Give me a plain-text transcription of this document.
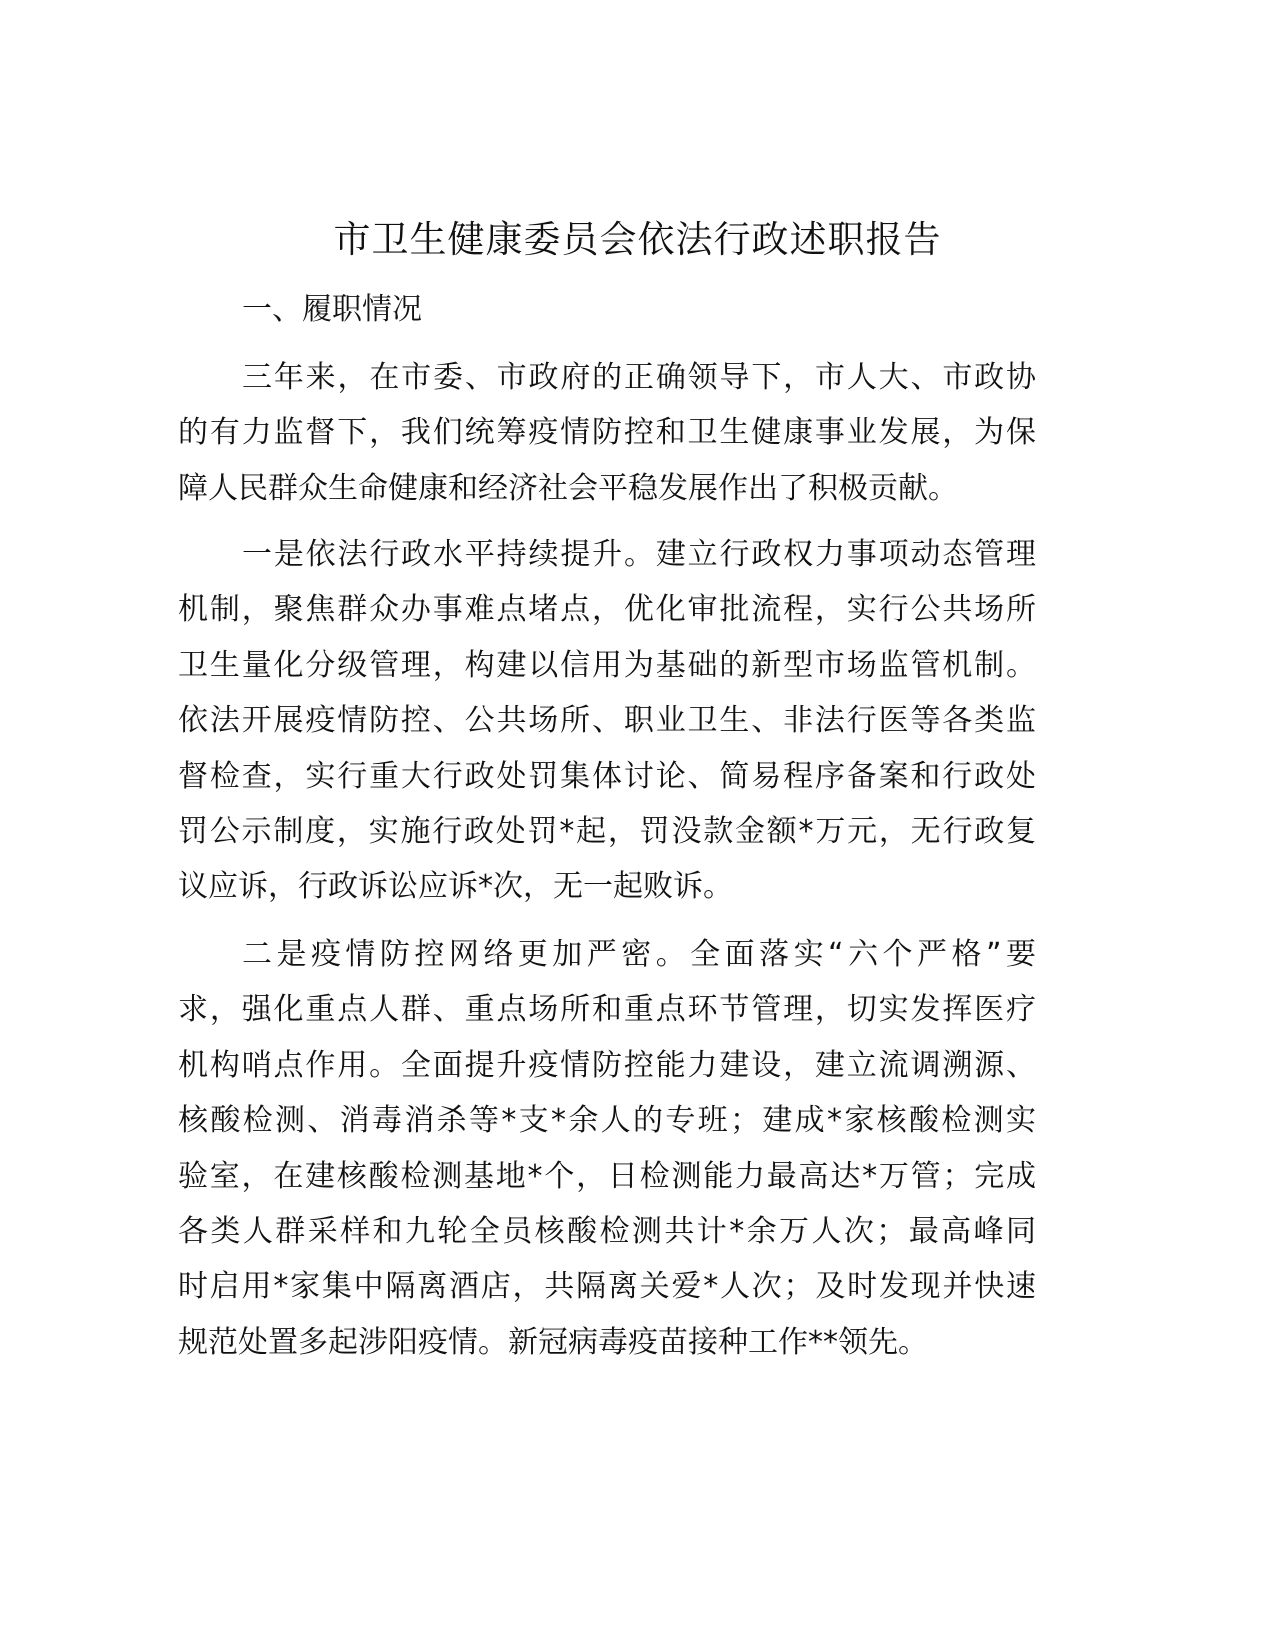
市卫生健康委员会依法行政述职报告
一、履职情况
三年来，在市委、市政府的正确领导下，市人大、市政协
的有力监督下，我们统筹疫情防控和卫生健康事业发展，为保
障人民群众生命健康和经济社会平稳发展作出了积极贡献。
一是依法行政水平持续提升。建立行政权力事项动态管理
机制，聚焦群众办事难点堵点，优化审批流程，实行公共场所
卫生量化分级管理，构建以信用为基础的新型市场监管机制。
依法开展疫情防控、公共场所、职业卫生、非法行医等各类监
督检查，实行重大行政处罚集体讨论、简易程序备案和行政处
罚公示制度，实施行政处罚*起，罚没款金额*万元，无行政复
议应诉，行政诉讼应诉*次，无一起败诉。
二是疫情防控网络更加严密。全面落实“六个严格”要
求，强化重点人群、重点场所和重点环节管理，切实发挥医疗
机构哨点作用。全面提升疫情防控能力建设，建立流调溯源、
核酸检测、消毒消杀等*支*余人的专班；建成*家核酸检测实
验室，在建核酸检测基地*个，日检测能力最高达*万管；完成
各类人群采样和九轮全员核酸检测共计*余万人次；最高峰同
时启用*家集中隔离酒店，共隔离关爱*人次；及时发现并快速
规范处置多起涉阳疫情。新冠病毒疫苗接种工作**领先。
